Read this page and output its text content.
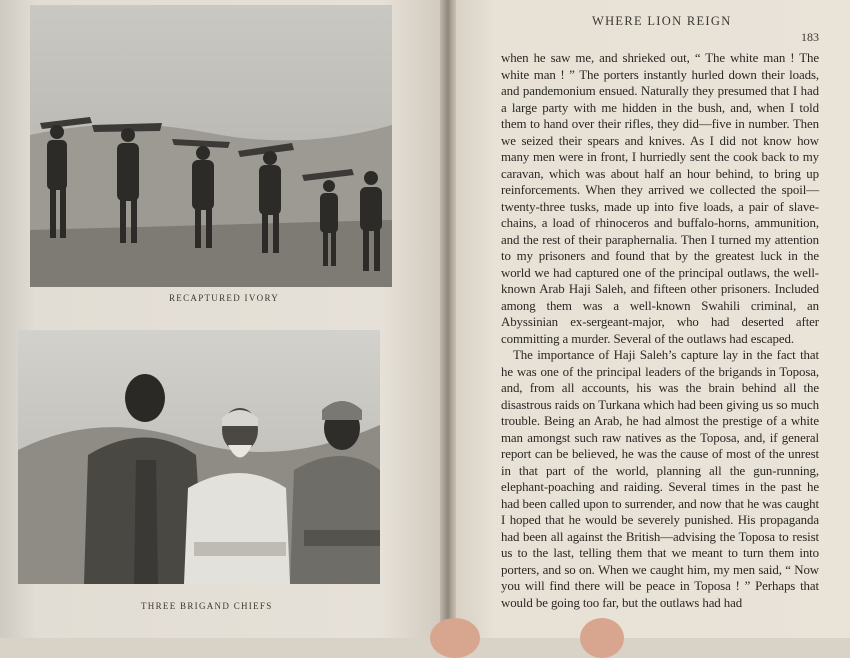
RECAPTURED IVORY
THREE BRIGAND CHIEFS
WHERE LION REIGN
183

when he saw me, and shrieked out, “ The white man ! The white man ! ” The porters instantly hurled down their loads, and pandemonium ensued. Naturally they presumed that I had a large party with me hidden in the bush, and, when I told them to hand over their rifles, they did—five in number. Then we seized their spears and knives. As I did not know how many men were in front, I hurriedly sent the cook back to my caravan, which was about half an hour behind, to bring up reinforcements. When they arrived we collected the spoil—twenty-three tusks, made up into five loads, a pair of slave-chains, a load of rhinoceros and buffalo-horns, ammunition, and the rest of their paraphernalia. Then I turned my attention to my prisoners and found that by the greatest luck in the world we had captured one of the principal outlaws, the well-known Arab Haji Saleh, and fifteen other prisoners. Included among them was a well-known Swahili criminal, an Abyssinian ex-sergeant-major, who had deserted after committing a murder. Several of the outlaws had escaped.

The importance of Haji Saleh’s capture lay in the fact that he was one of the principal leaders of the brigands in Toposa, and, from all accounts, his was the brain behind all the disastrous raids on Turkana which had been giving us so much trouble. Being an Arab, he had almost the prestige of a white man amongst such raw natives as the Toposa, and, if general report can be believed, he was the cause of most of the unrest in that part of the world, planning all the gun-running, elephant-poaching and raiding. Several times in the past he had been called upon to surrender, and now that he was caught I hoped that he would be severely punished. His propaganda had been all against the British—advising the Toposa to resist us to the last, telling them that we meant to turn them into porters, and so on. When we caught him, my men said, “ Now you will find there will be peace in Toposa ! ” Perhaps that would be going too far, but the outlaws had had
